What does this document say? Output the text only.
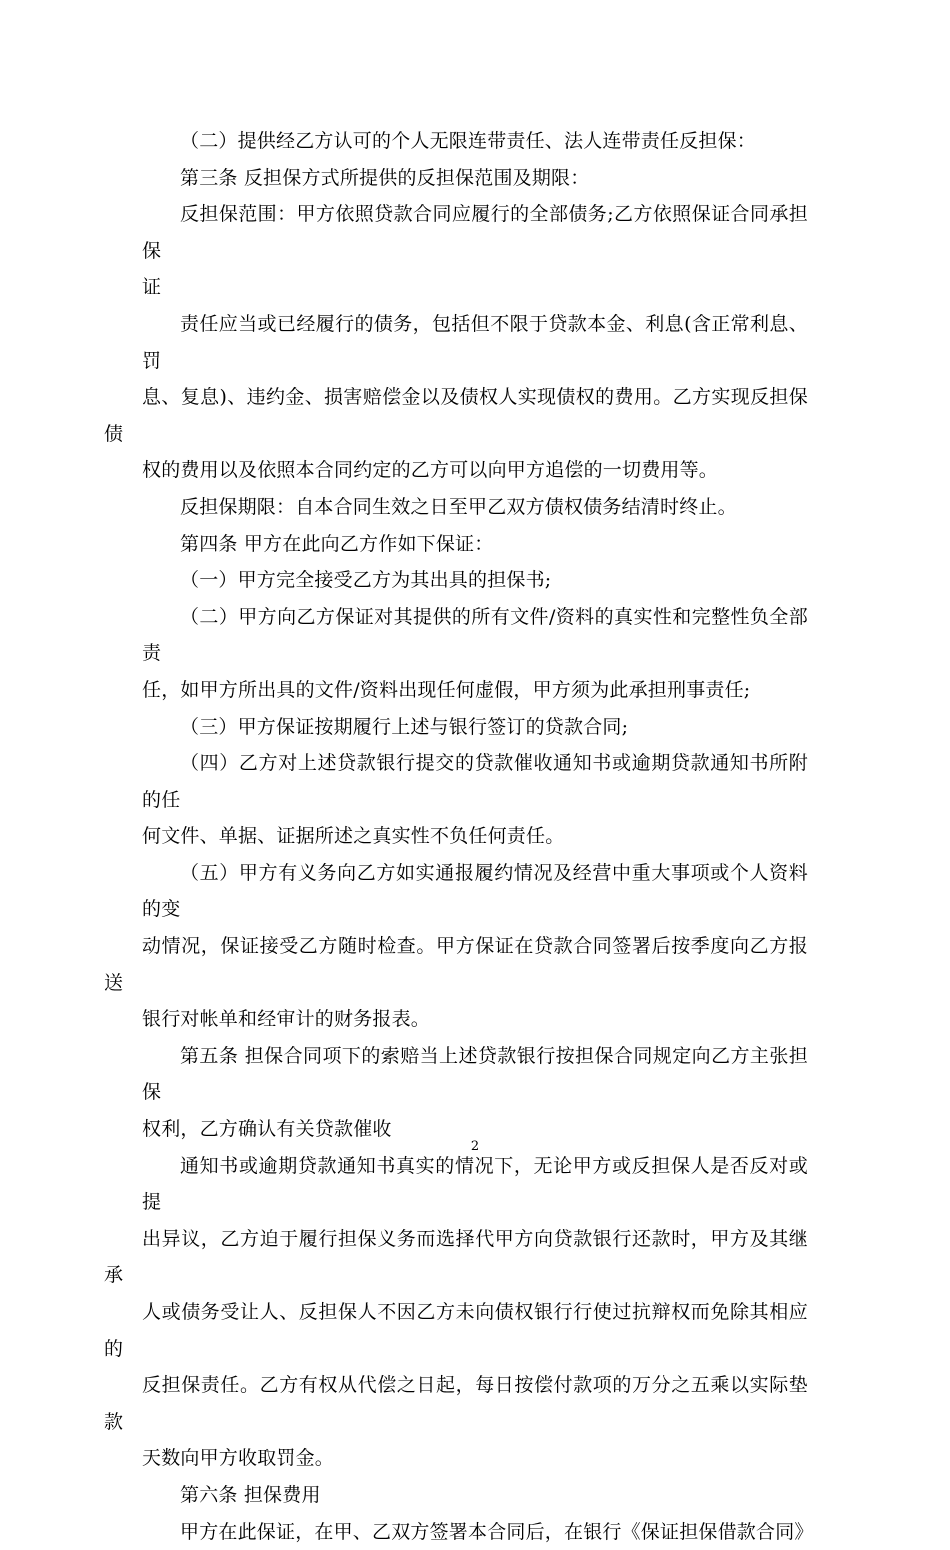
（二）提供经乙方认可的个人无限连带责任、法人连带责任反担保：

第三条 反担保方式所提供的反担保范围及期限：

反担保范围：甲方依照贷款合同应履行的全部债务;乙方依照保证合同承担保
证

责任应当或已经履行的债务，包括但不限于贷款本金、利息(含正常利息、罚
息、复息)、违约金、损害赔偿金以及债权人实现债权的费用。乙方实现反担保债
权的费用以及依照本合同约定的乙方可以向甲方追偿的一切费用等。

反担保期限：自本合同生效之日至甲乙双方债权债务结清时终止。

第四条 甲方在此向乙方作如下保证：

（一）甲方完全接受乙方为其出具的担保书;

（二）甲方向乙方保证对其提供的所有文件/资料的真实性和完整性负全部责
任，如甲方所出具的文件/资料出现任何虚假，甲方须为此承担刑事责任;

（三）甲方保证按期履行上述与银行签订的贷款合同;

（四）乙方对上述贷款银行提交的贷款催收通知书或逾期贷款通知书所附的任
何文件、单据、证据所述之真实性不负任何责任。

（五）甲方有义务向乙方如实通报履约情况及经营中重大事项或个人资料的变
动情况，保证接受乙方随时检查。甲方保证在贷款合同签署后按季度向乙方报送
银行对帐单和经审计的财务报表。

第五条 担保合同项下的索赔当上述贷款银行按担保合同规定向乙方主张担保
权利，乙方确认有关贷款催收

通知书或逾期贷款通知书真实的情况下，无论甲方或反担保人是否反对或提
出异议，乙方迫于履行担保义务而选择代甲方向贷款银行还款时，甲方及其继承
人或债务受让人、反担保人不因乙方未向债权银行行使过抗辩权而免除其相应的
反担保责任。乙方有权从代偿之日起，每日按偿付款项的万分之五乘以实际垫款
天数向甲方收取罚金。

第六条 担保费用

甲方在此保证，在甲、乙双方签署本合同后，在银行《保证担保借款合同》

2
